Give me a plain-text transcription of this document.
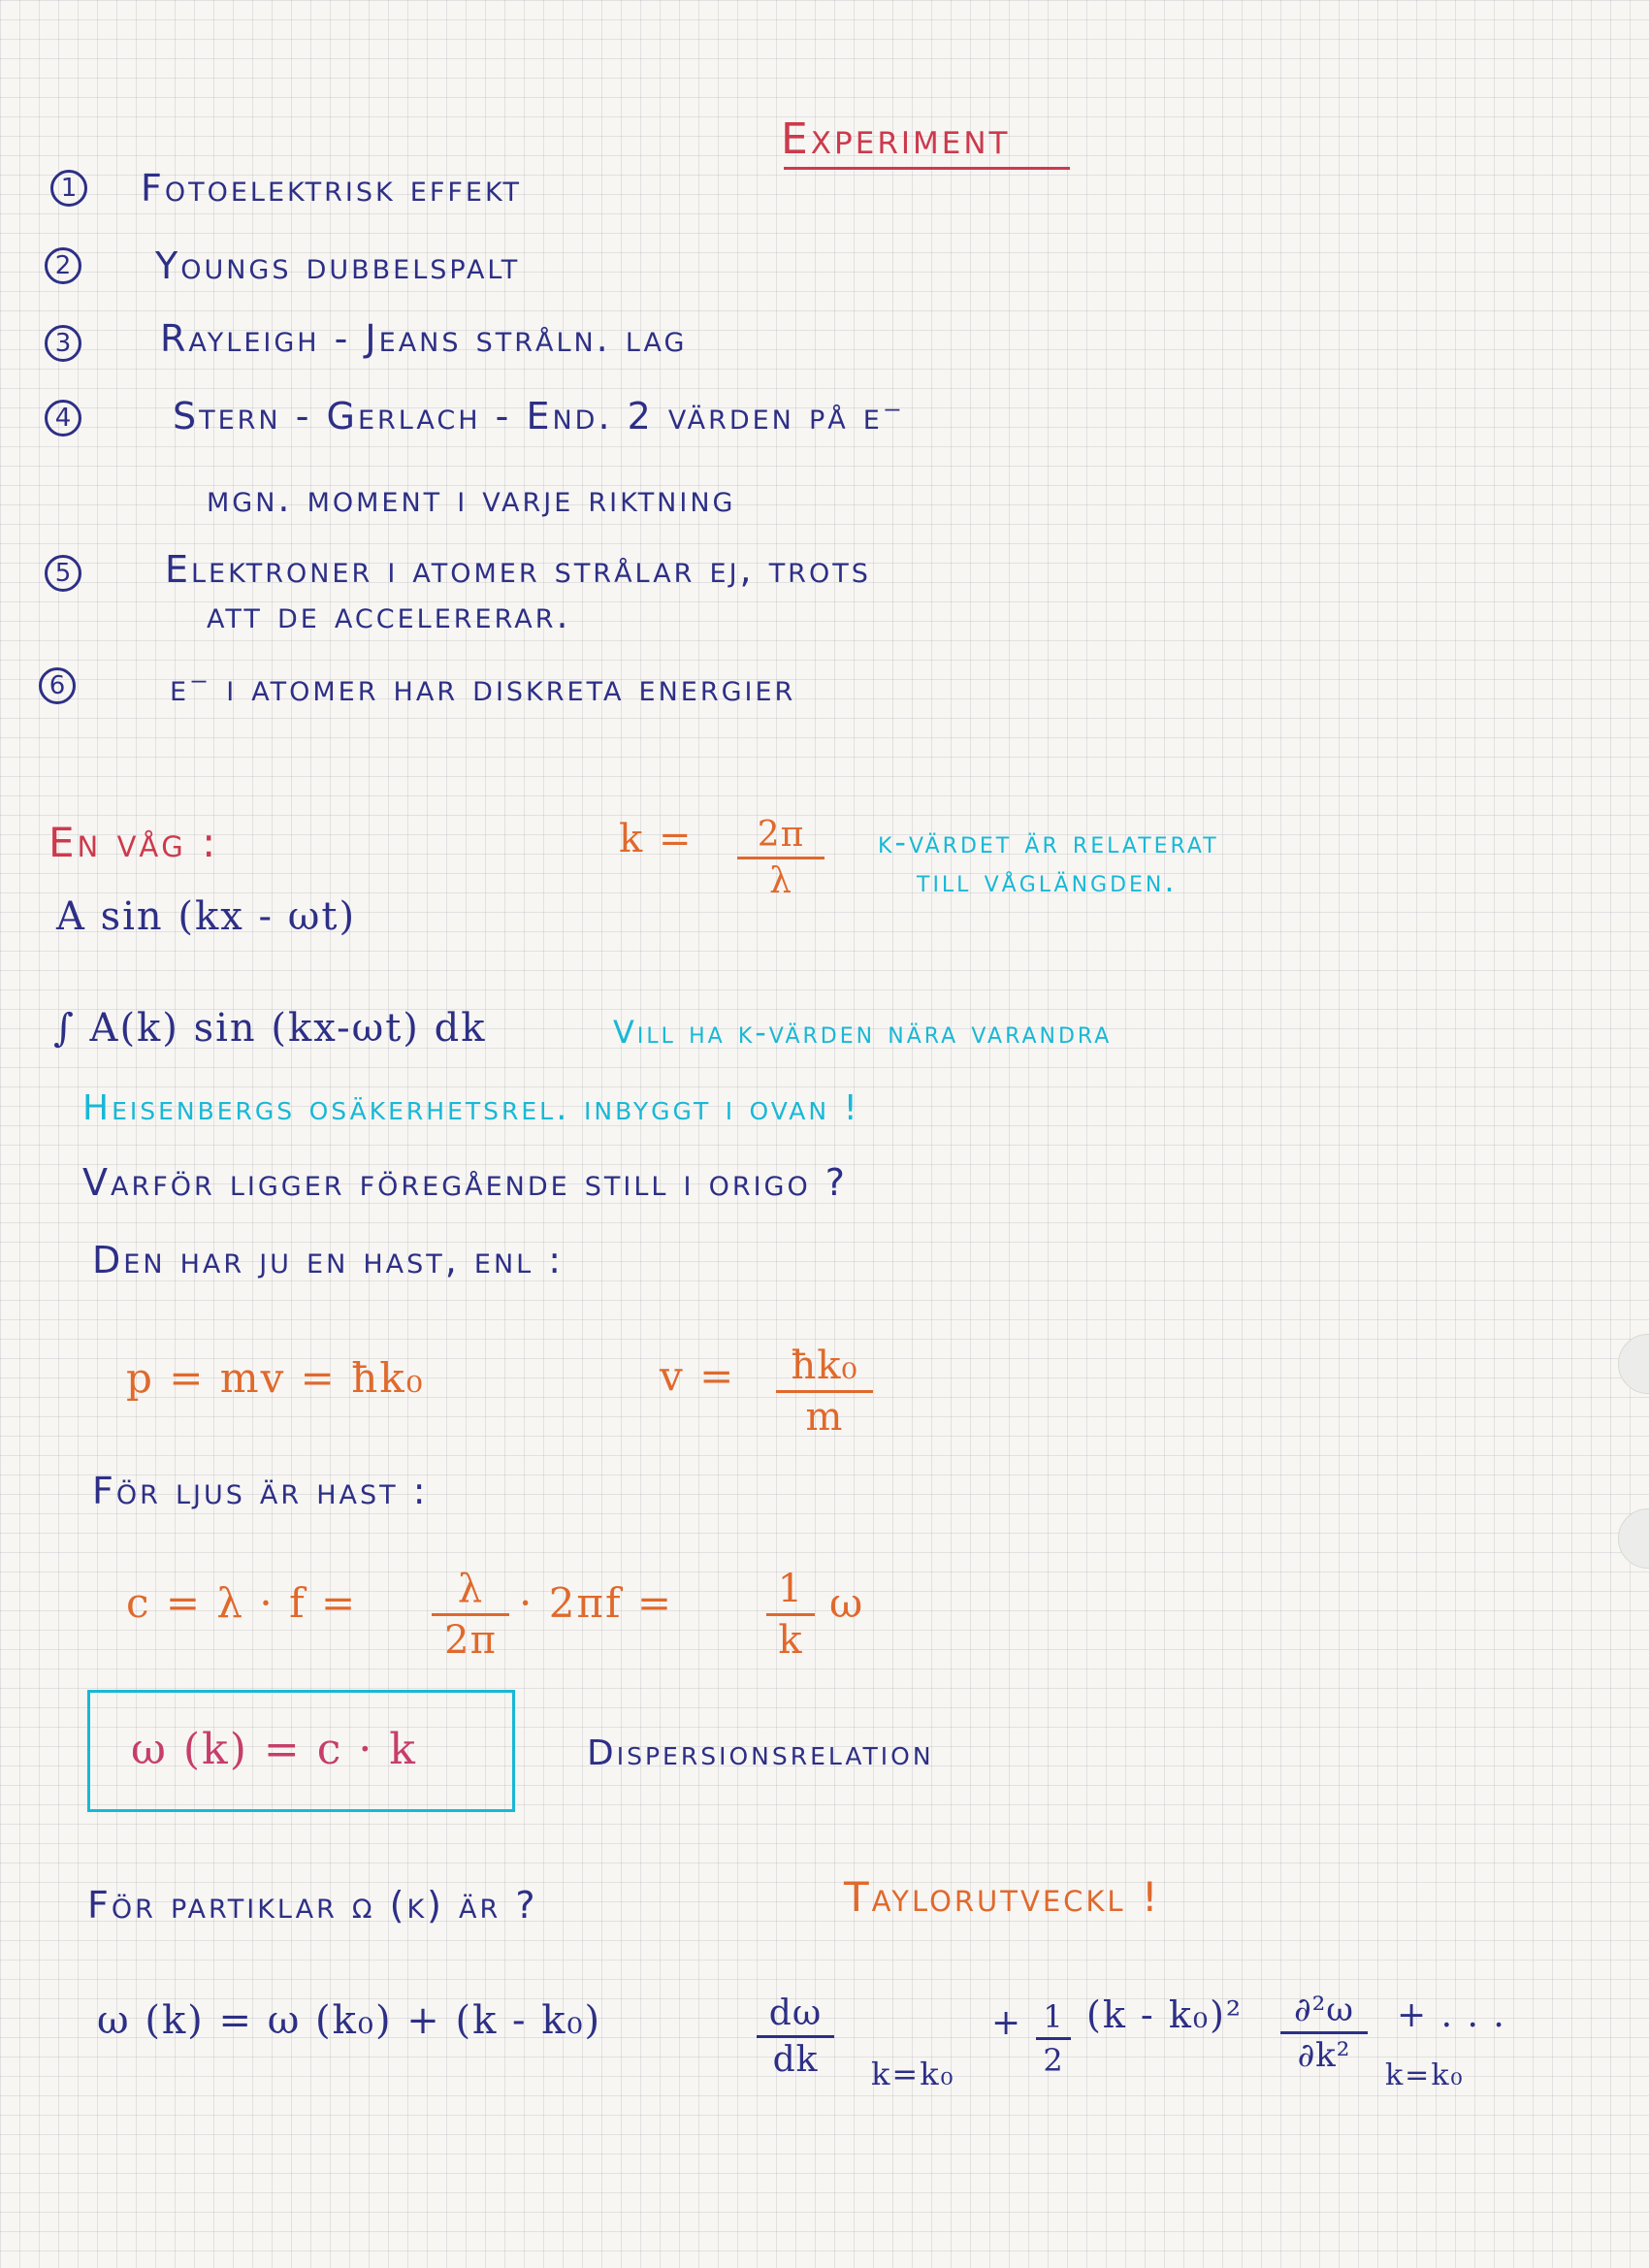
Experiment
1 Fotoelektrisk effekt
2 Youngs dubbelspalt
3 Rayleigh - Jeans stråln. lag
4	Stern - Gerlach - End. 2 värden på e⁻
mgn. moment i varje riktning
5	Elektroner i atomer strålar ej, trots
att de accelererar.
6	e⁻ i atomer har diskreta energier
En våg :
A sin (kx - ωt)
k = 2π
λ
k-värdet är relaterat
till våglängden.
∫ A(k) sin (kx-ωt) dk	Vill ha k-värden nära varandra
Heisenbergs osäkerhetsrel. inbyggt i ovan !
Varför ligger föregående still i origo ?
Den har ju en hast, enl :
p = mv = ħk₀	v = ħk₀
m
För ljus är hast :
c = λ · f =	λ
2π
· 2πf =	1
k
ω
ω (k) = c · k	Dispersionsrelation
För partiklar ω (k) är ?	Taylorutveckl !
ω (k) = ω (k₀) + (k - k₀)	dω
dk k=k₀
+ 1
2
(k - k₀)² ∂²ω
∂k²
k=k₀
+ . . .
